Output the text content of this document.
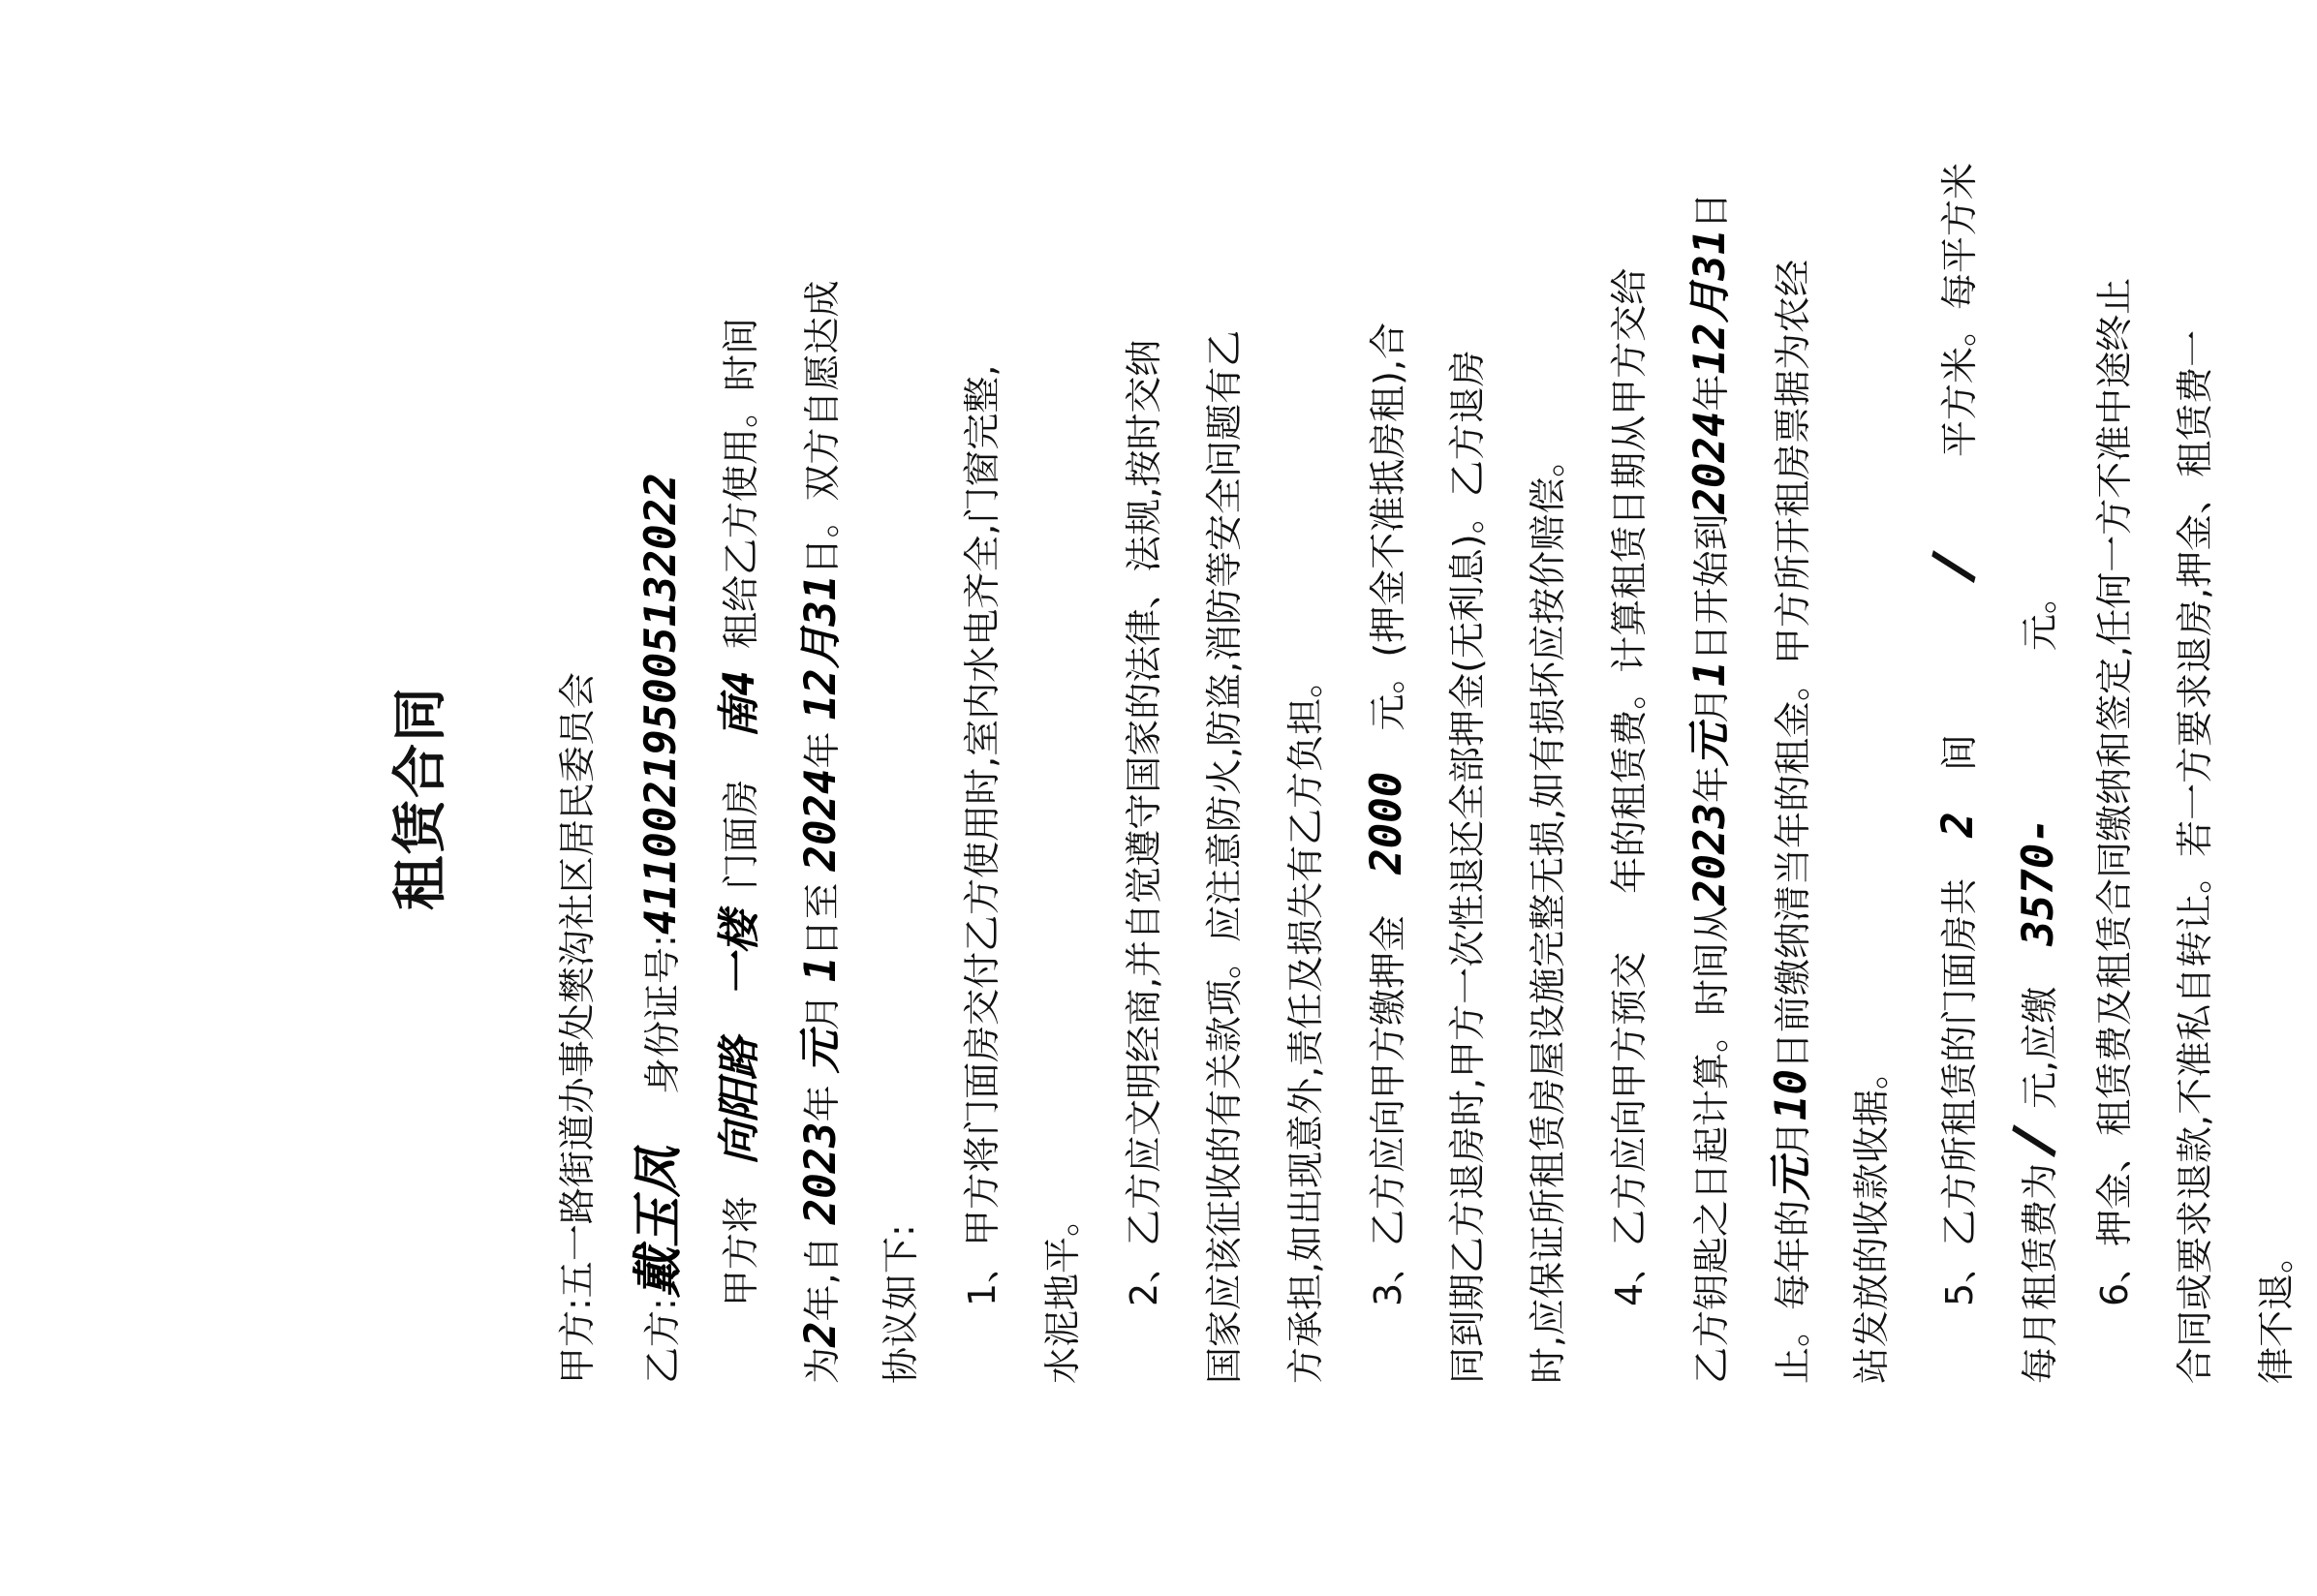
租赁合同
甲方:五一路街道办事处樊沟社区居民委员会
乙方:戴玉凤  身份证号:411002195005132022
甲方将 向阳路 一楼 门面房 南4 租给乙方使用。时间
为2年,自 2023年 元月 1日至 2024年 12月31日。双方自愿达成
协议如下:	1、甲方将门面房交付乙方使用时,室内水电齐全,门窗完整,	水泥地平。	2、乙方应文明经商,并自觉遵守国家的法律、法规,按时交纳	国家应该征收的有关款项。应注意防火,防盗,消防等安全问题有乙	方承担,如出现意外,责任及损失有乙方负担。	3、乙方应向甲方缴押金 2000 元。(押金不准抵房租),合 同到期乙方退房时,甲方一次性退还全部押金(无利息)。乙方退房	时,应保证所租赁房屋设施完整无损,如有损坏应按价赔偿。	4、乙方应向甲方预交年的租赁费。计算租赁日期从甲方交给
乙方钥匙之日起计算。时间从2023年元月1日开始到2024年12月31日
止。每年的元月10日前缴纳清当年的租金。甲方所开租房票据为农经
站发放的收款收据。	5、乙方所租赁的门面房共 2 间 / 平方米。每平方米
每月租赁费为 / 元,应缴 3570- 元。 6、押金、租赁费及租赁合同缴纳和签定,任何一方不准中途终止	合同或要求退款,不准私自转让。若一方要求退房,押金、租赁费一	律不退。
